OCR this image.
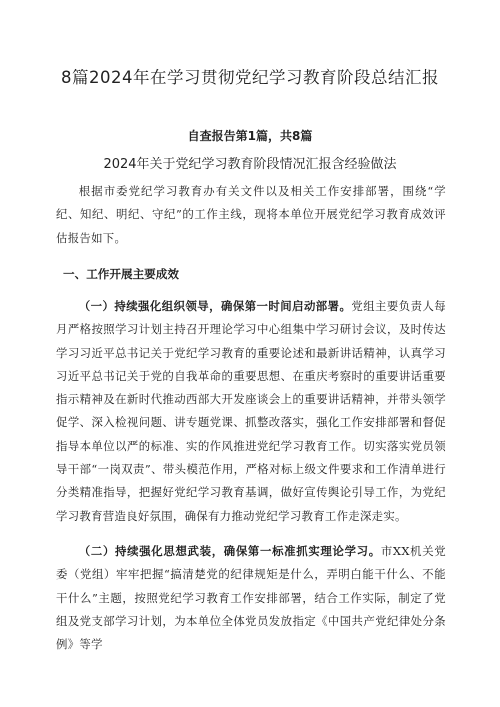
8篇2024年在学习贯彻党纪学习教育阶段总结汇报
自查报告第1篇，共8篇
2024年关于党纪学习教育阶段情况汇报含经验做法

根据市委党纪学习教育办有关文件以及相关工作安排部署，围绕“学纪、知纪、明纪、守纪”的工作主线，现将本单位开展党纪学习教育成效评估报告如下。

一、工作开展主要成效

（一）持续强化组织领导，确保第一时间启动部署。党组主要负责人每月严格按照学习计划主持召开理论学习中心组集中学习研讨会议，及时传达学习习近平总书记关于党纪学习教育的重要论述和最新讲话精神，认真学习习近平总书记关于党的自我革命的重要思想、在重庆考察时的重要讲话重要指示精神及在新时代推动西部大开发座谈会上的重要讲话精神，并带头领学促学、深入检视问题、讲专题党课、抓整改落实，强化工作安排部署和督促指导本单位以严的标准、实的作风推进党纪学习教育工作。切实落实党员领导干部“一岗双责”、带头模范作用，严格对标上级文件要求和工作清单进行分类精准指导，把握好党纪学习教育基调，做好宣传舆论引导工作，为党纪学习教育营造良好氛围，确保有力推动党纪学习教育工作走深走实。

（二）持续强化思想武装，确保第一标准抓实理论学习。市XX机关党委（党组）牢牢把握“搞清楚党的纪律规矩是什么，弄明白能干什么、不能干什么”主题，按照党纪学习教育工作安排部署，结合工作实际，制定了党组及党支部学习计划，为本单位全体党员发放指定《中国共产党纪律处分条例》等学
